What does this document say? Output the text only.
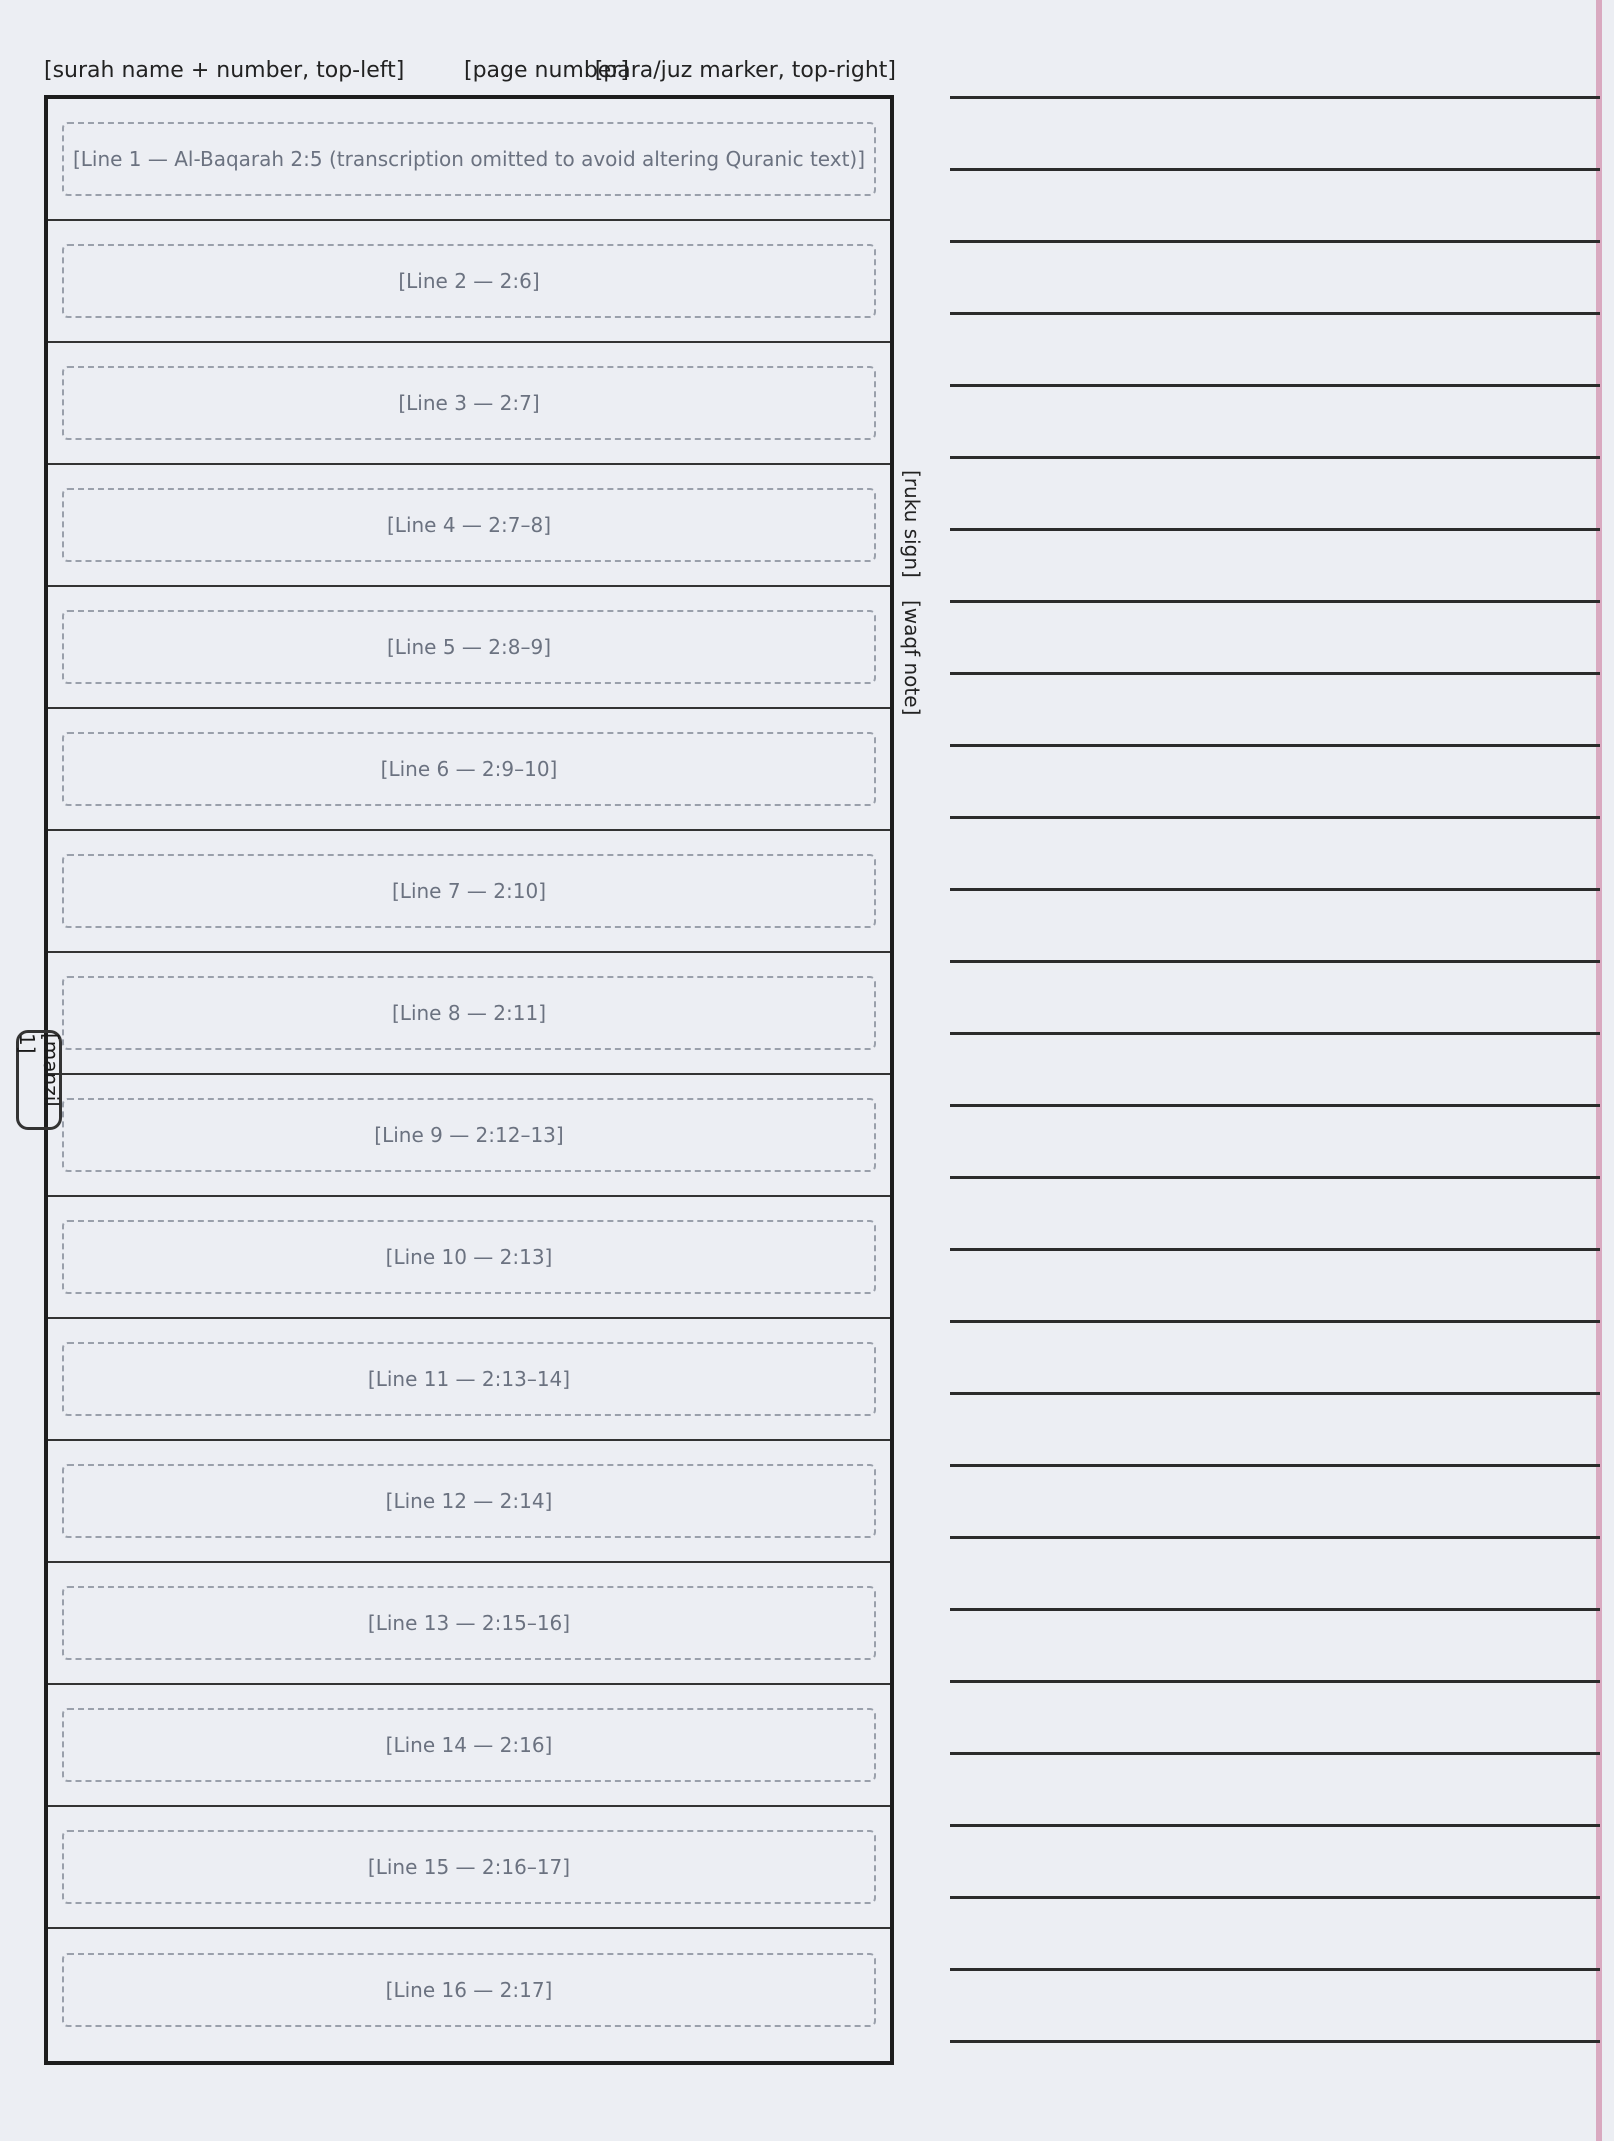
[surah name + number, top-left]	[page number]
[para/juz marker, top-right]
[Line 1 — Al-Baqarah 2:5 (transcription omitted to avoid altering Quranic text)]
[Line 2 — 2:6]
[Line 3 — 2:7]
[Line 4 — 2:7–8]
[Line 5 — 2:8–9]
[Line 6 — 2:9–10]
[Line 7 — 2:10]
[Line 8 — 2:11]
[Line 9 — 2:12–13]
[Line 10 — 2:13]
[Line 11 — 2:13–14]
[Line 12 — 2:14]
[Line 13 — 2:15–16]
[Line 14 — 2:16]
[Line 15 — 2:16–17]
[Line 16 — 2:17]
[ruku sign]
[waqf note]
[manzil 1]
